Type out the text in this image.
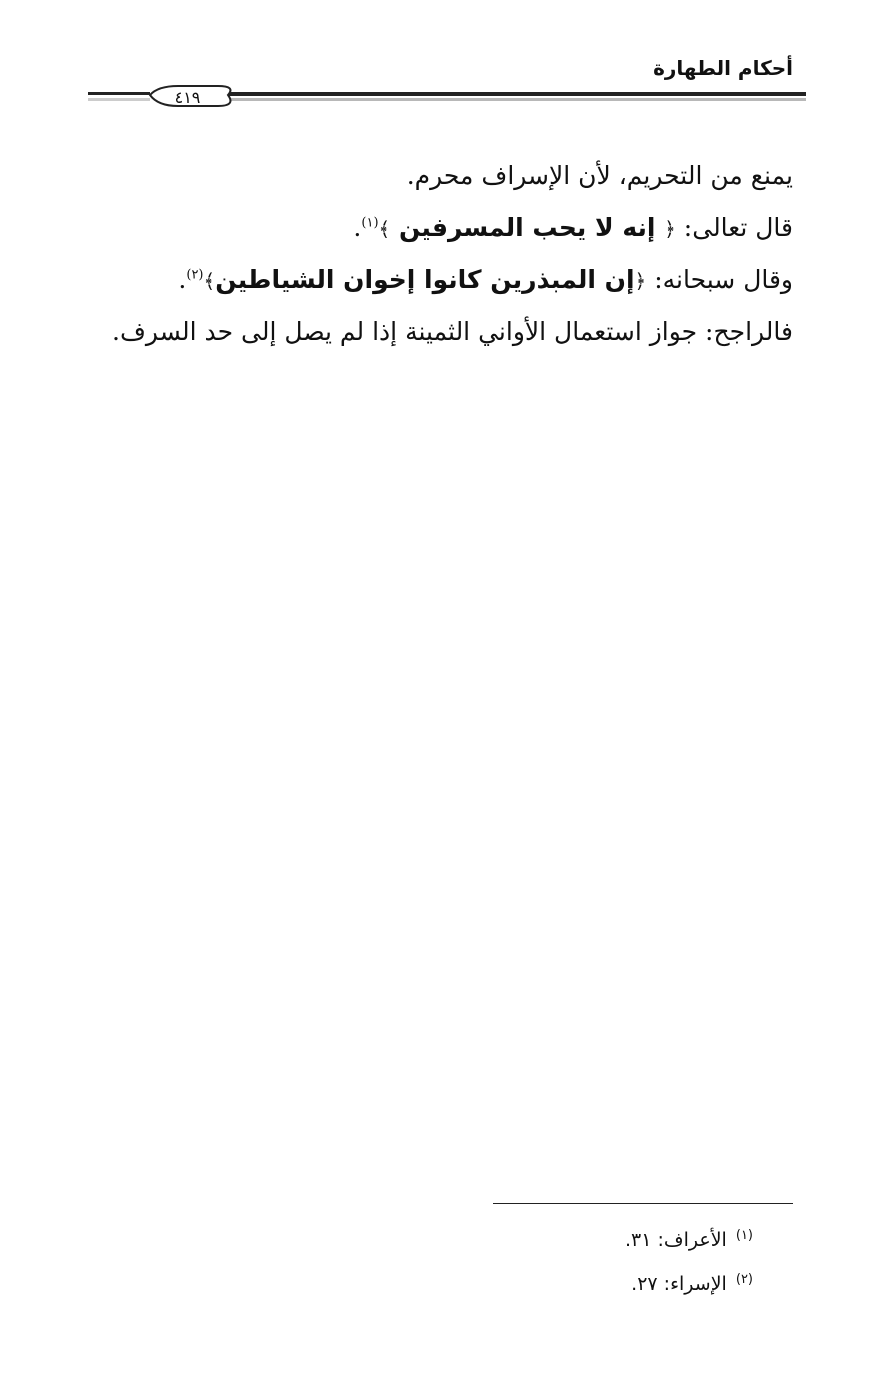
أحكام الطهارة
٤١٩
يمنع من التحريم، لأن الإسراف محرم.
قال تعالى: ﴿ إنه لا يحب المسرفين ﴾$^{(١)}$.
وقال سبحانه: ﴿إن المبذرين كانوا إخوان الشياطين﴾$^{(٢)}$.
فالراجح: جواز استعمال الأواني الثمينة إذا لم يصل إلى حد السرف.
$^{(١)}$ الأعراف: ٣١.
$^{(٢)}$ الإسراء: ٢٧.
